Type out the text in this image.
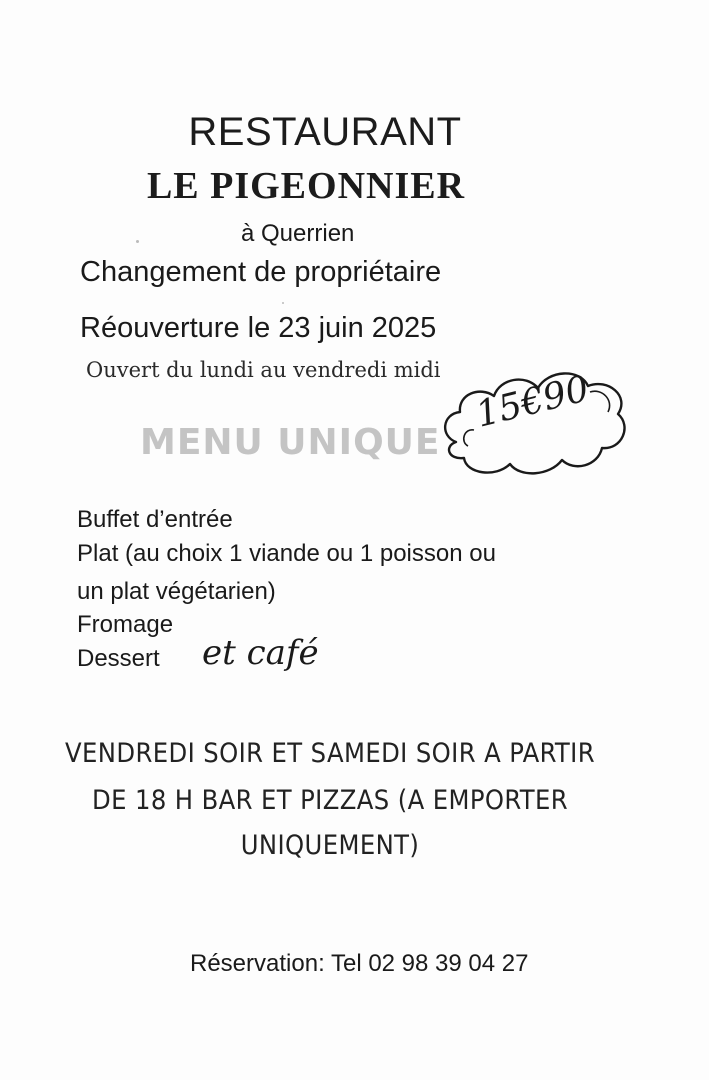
RESTAURANT
LE PIGEONNIER
à Querrien
Changement de propriétaire
Réouverture le 23 juin 2025
Ouvert du lundi au vendredi midi
MENU UNIQUE
15€90
Buffet d’entrée
Plat (au choix 1 viande ou 1 poisson ou
un plat végétarien)
Fromage
Dessert et café
VENDREDI SOIR ET SAMEDI SOIR A PARTIR
DE 18 H BAR ET PIZZAS (A EMPORTER
UNIQUEMENT)
Réservation: Tel 02 98 39 04 27
